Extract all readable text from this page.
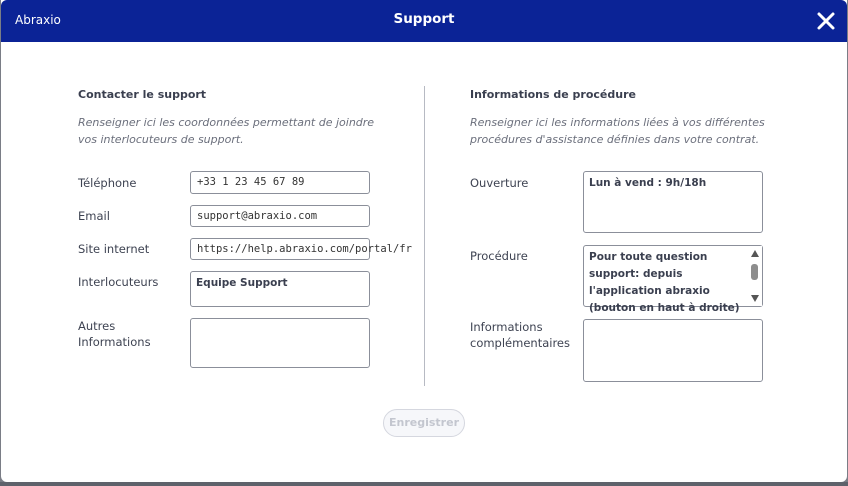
Abraxio	Support
Contacter le support
Renseigner ici les coordonnées permettant de joindre vos interlocuteurs de support.
Téléphone	+33 1 23 45 67 89
Email	support@abraxio.com
Site internet	https://help.abraxio.com/portal/fr
Interlocuteurs	Equipe Support
Autres Informations
Informations de procédure
Renseigner ici les informations liées à vos différentes procédures d'assistance définies dans votre contrat.
Ouverture	Lun à vend : 9h/18h
Procédure	Pour toute question support: depuis l'application abraxio (bouton en haut à droite)
Informations complémentaires
Enregistrer
